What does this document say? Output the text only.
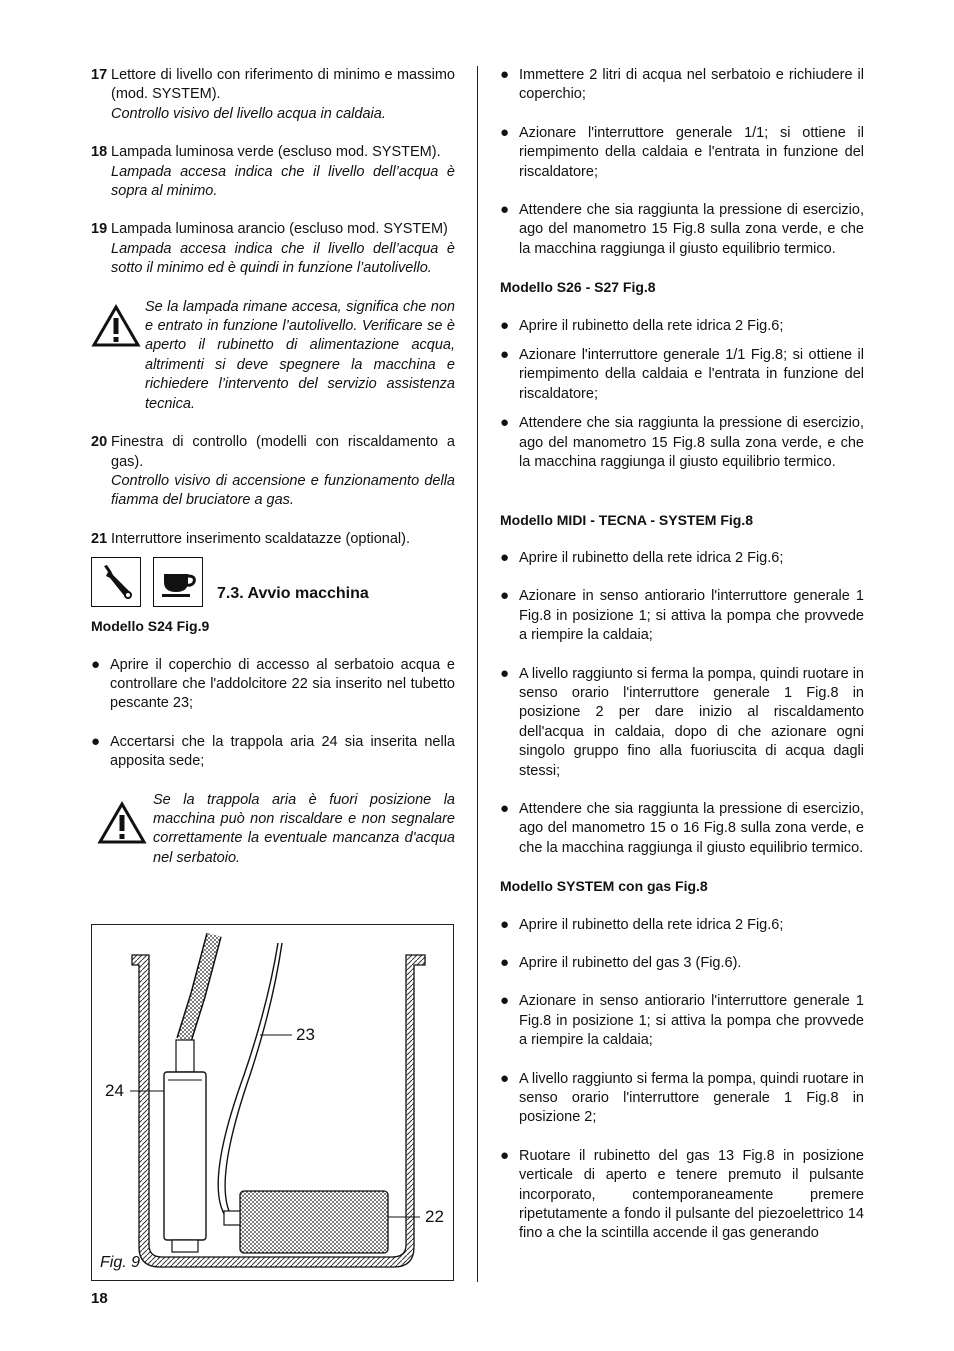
17 Lettore di livello con riferimento di minimo e massimo (mod. SYSTEM).
Controllo visivo del livello acqua in caldaia.
18 Lampada luminosa verde (escluso mod. SYSTEM).
Lampada accesa indica che il livello dell’acqua è sopra al minimo.
19 Lampada luminosa arancio (escluso mod. SYSTEM)
Lampada accesa indica che il livello dell’acqua è sotto il minimo ed è quindi in funzione l’autolivello.
Se la lampada rimane accesa, significa che non e entrato in funzione l’autolivello. Verificare se è aperto il rubinetto di alimentazione acqua, altrimenti si deve spegnere la macchina e richiedere l’intervento del servizio assistenza tecnica.
20 Finestra di controllo (modelli con riscaldamento a gas).
Controllo visivo di accensione e funzionamento della fiamma del bruciatore a gas.
21 Interruttore inserimento scaldatazze (optional).
7.3. Avvio macchina
Modello S24 Fig.9
● Aprire il coperchio di accesso al serbatoio acqua e controllare che l'addolcitore 22 sia inserito nel tubetto pescante 23;
● Accertarsi che la trappola aria 24 sia inserita nella apposita sede;
Se la trappola aria è fuori posizione la macchina può non riscaldare e non segnalare correttamente la eventuale mancanza d'acqua nel serbatoio.
23
24
22
Fig. 9
● Immettere 2 litri di acqua nel serbatoio e richiudere il coperchio;
● Azionare l'interruttore generale 1/1; si ottiene il riempimento della caldaia e l'entrata in funzione del riscaldatore;
● Attendere che sia raggiunta la pressione di esercizio, ago del manometro 15 Fig.8 sulla zona verde, e che la macchina raggiunga il giusto equilibrio termico.
Modello S26 - S27 Fig.8
● Aprire il rubinetto della rete idrica 2 Fig.6;
● Azionare l'interruttore generale 1/1 Fig.8; si ottiene il riempimento della caldaia e l'entrata in funzione del riscaldatore;
● Attendere che sia raggiunta la pressione di esercizio, ago del manometro 15 Fig.8 sulla zona verde, e che la macchina raggiunga il giusto equilibrio termico.
Modello MIDI - TECNA - SYSTEM Fig.8
● Aprire il rubinetto della rete idrica 2 Fig.6;
● Azionare in senso antiorario l'interruttore generale 1 Fig.8 in posizione 1; si attiva la pompa che provvede a riempire la caldaia;
● A livello raggiunto si ferma la pompa, quindi ruotare in senso orario l'interruttore generale 1 Fig.8 in posizione 2 per dare inizio al riscaldamento dell'acqua in caldaia, dopo di che azionare ogni singolo gruppo fino alla fuoriuscita di acqua dagli stessi;
● Attendere che sia raggiunta la pressione di esercizio, ago del manometro 15 o 16 Fig.8 sulla zona verde, e che la macchina raggiunga il giusto equilibrio termico.
Modello SYSTEM con gas Fig.8
● Aprire il rubinetto della rete idrica 2 Fig.6;
● Aprire il rubinetto del gas 3 (Fig.6).
● Azionare in senso antiorario l'interruttore generale 1 Fig.8 in posizione 1; si attiva la pompa che provvede a riempire la caldaia;
● A livello raggiunto si ferma la pompa, quindi ruotare in senso orario l'interruttore generale 1 Fig.8 in posizione 2;
● Ruotare il rubinetto del gas 13 Fig.8 in posizione verticale di aperto e tenere premuto il pulsante incorporato, contemporaneamente premere ripetutamente a fondo il pulsante del piezoelettrico 14 fino a che la scintilla accende il gas generando
18
